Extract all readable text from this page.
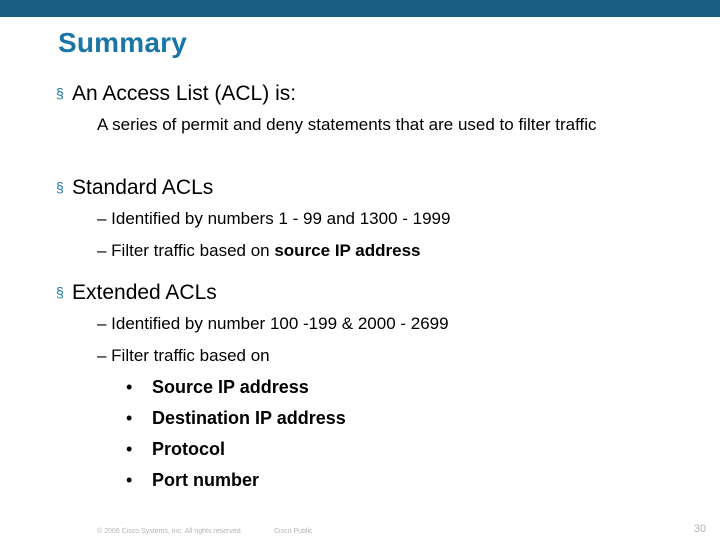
Summary
§ An Access List (ACL) is:
A series of permit and deny statements that are used to filter traffic
§ Standard ACLs
– Identified by numbers 1 - 99 and 1300 - 1999
– Filter traffic based on source IP address
§ Extended ACLs
– Identified by number 100 -199 & 2000 - 2699
– Filter traffic based on
• Source IP address
• Destination IP address
• Protocol
• Port number
© 2006 Cisco Systems, Inc. All rights reserved.	Cisco Public	30
